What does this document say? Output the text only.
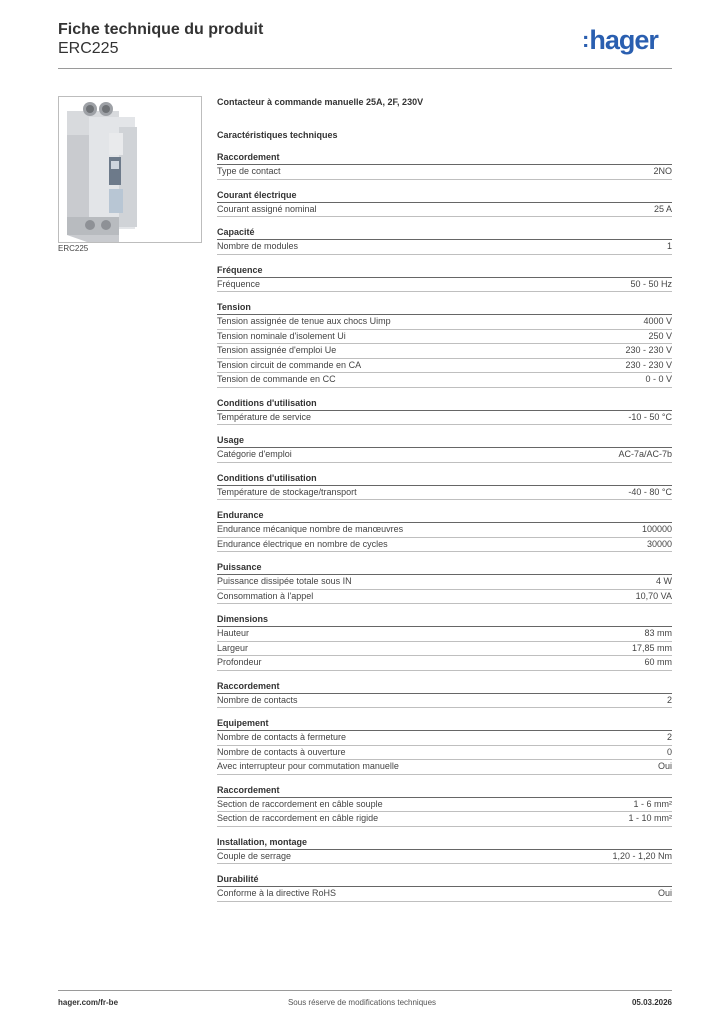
Fiche technique du produit
ERC225	:hager
ERC225
Contacteur à commande manuelle 25A, 2F, 230V
Caractéristiques techniques
Raccordement
Type de contact	2NO
Courant électrique
Courant assigné nominal	25 A
Capacité
Nombre de modules	1
Fréquence
Fréquence	50 - 50 Hz
Tension
Tension assignée de tenue aux chocs Uimp	4000 V
Tension nominale d'isolement Ui	250 V
Tension assignée d'emploi Ue	230 - 230 V
Tension circuit de commande en CA	230 - 230 V
Tension de commande en CC	0 - 0 V
Conditions d'utilisation
Température de service	-10 - 50 °C
Usage
Catégorie d'emploi	AC-7a/AC-7b
Conditions d'utilisation
Température de stockage/transport	-40 - 80 °C
Endurance
Endurance mécanique nombre de manœuvres	100000
Endurance électrique en nombre de cycles	30000
Puissance
Puissance dissipée totale sous IN	4 W
Consommation à l'appel	10,70 VA
Dimensions
Hauteur	83 mm
Largeur	17,85 mm
Profondeur	60 mm
Raccordement
Nombre de contacts	2
Equipement
Nombre de contacts à fermeture	2
Nombre de contacts à ouverture	0
Avec interrupteur pour commutation manuelle	Oui
Raccordement
Section de raccordement en câble souple	1 - 6 mm²
Section de raccordement en câble rigide	1 - 10 mm²
Installation, montage
Couple de serrage	1,20 - 1,20 Nm
Durabilité
Conforme à la directive RoHS	Oui
hager.com/fr-be	Sous réserve de modifications techniques	05.03.2026
